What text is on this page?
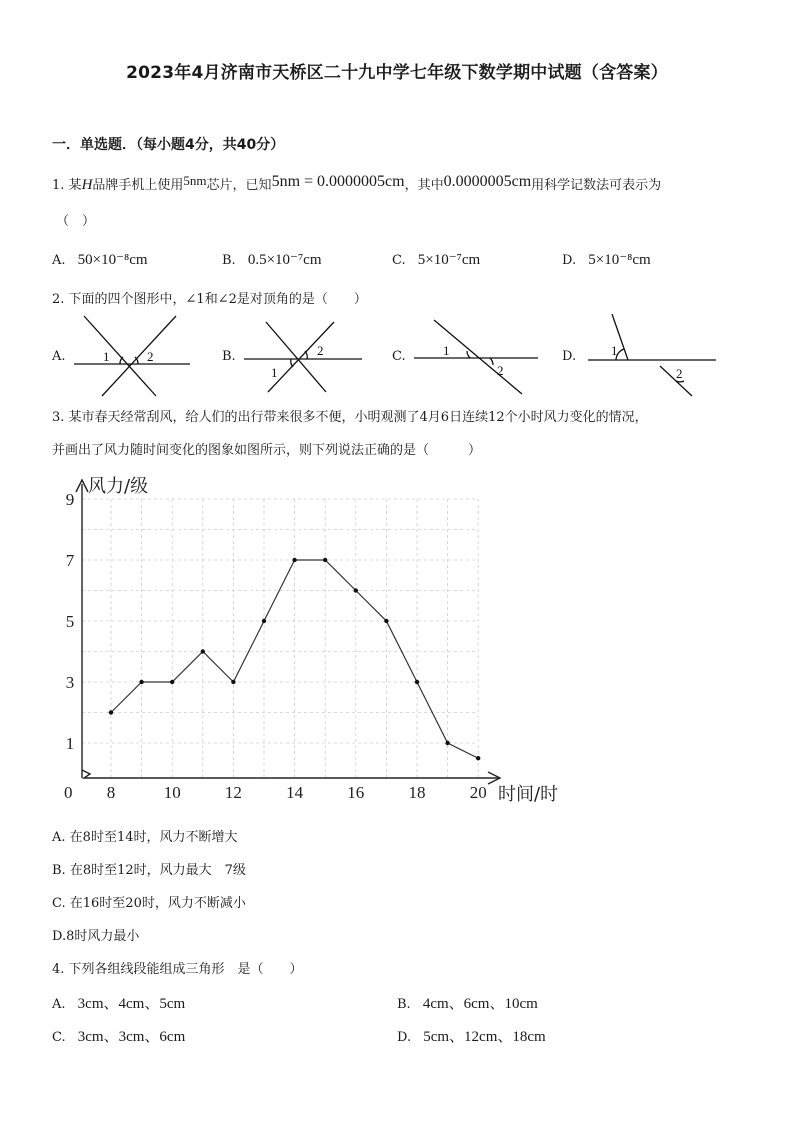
2023年4月济南市天桥区二十九中学七年级下数学期中试题（含答案）
一．单选题．（每小题4分，共40分）
1. 某H品牌手机上使用5nm芯片，已知5nm = 0.0000005cm，其中0.0000005cm用科学记数法可表示为
（　）
A. 50×10⁻⁸cm	B. 0.5×10⁻⁷cm	C. 5×10⁻⁷cm	D. 5×10⁻⁸cm
2. 下面的四个图形中，∠1和∠2是对顶角的是（　　）
A.	B.	C.	D.
1	2	2
1
1
2
1
2
3. 某市春天经常刮风，给人们的出行带来很多不便，小明观测了4月6日连续12个小时风力变化的情况，
并画出了风力随时间变化的图象如图所示，则下列说法正确的是（　　　）
8	10	12	14	16	18	20
1
3
5
7
9
风力/级
时间/时
0
A. 在8时至14时，风力不断增大
B. 在8时至12时，风力最大　7级
C. 在16时至20时，风力不断减小
D.8时风力最小
4. 下列各组线段能组成三角形　是（　　）
A. 3cm、4cm、5cm	B. 4cm、6cm、10cm
C. 3cm、3cm、6cm	D. 5cm、12cm、18cm
